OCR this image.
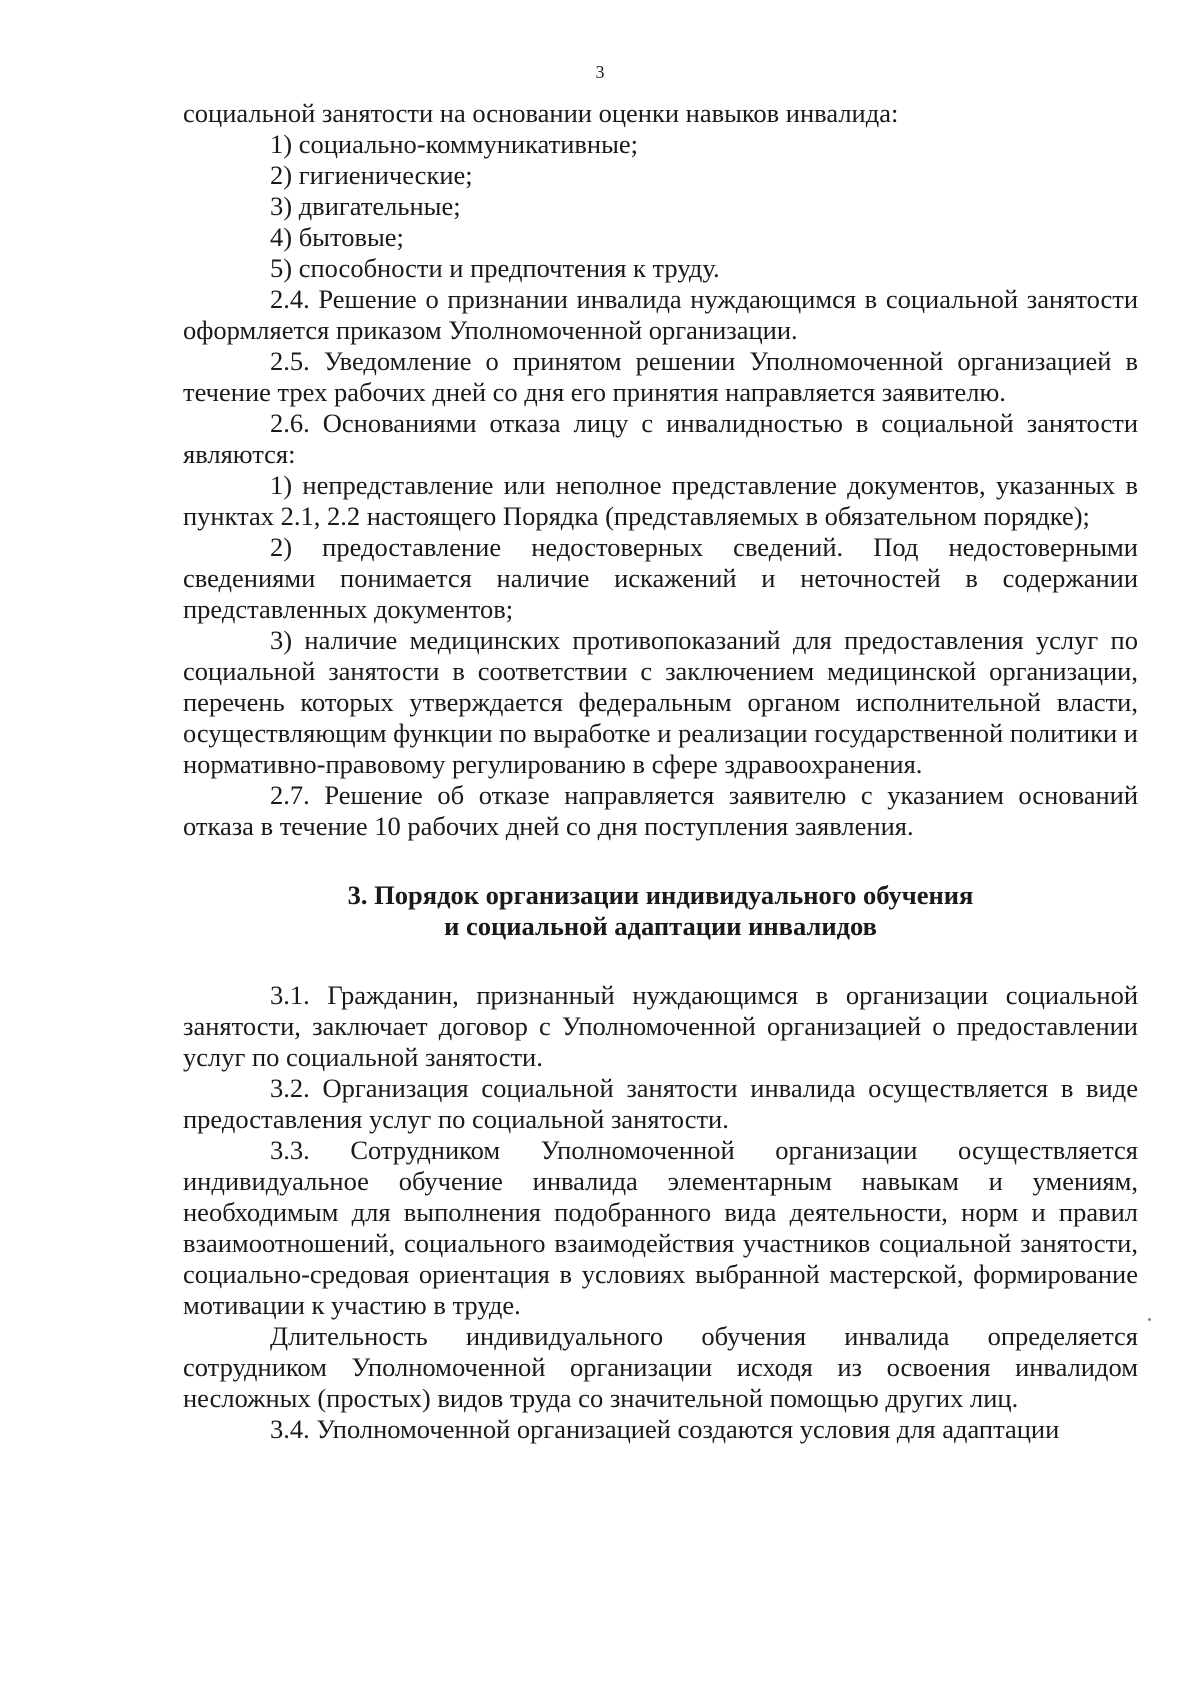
3

социальной занятости на основании оценки навыков инвалида:

1) социально-коммуникативные;

2) гигиенические;

3) двигательные;

4) бытовые;

5) способности и предпочтения к труду.

2.4. Решение о признании инвалида нуждающимся в социальной занятости оформляется приказом Уполномоченной организации.

2.5. Уведомление о принятом решении Уполномоченной организацией в течение трех рабочих дней со дня его принятия направляется заявителю.

2.6. Основаниями отказа лицу с инвалидностью в социальной занятости являются:

1) непредставление или неполное представление документов, указанных в пунктах 2.1, 2.2 настоящего Порядка (представляемых в обязательном порядке);

2) предоставление недостоверных сведений. Под недостоверными сведениями понимается наличие искажений и неточностей в содержании представленных документов;

3) наличие медицинских противопоказаний для предоставления услуг по социальной занятости в соответствии с заключением медицинской организации, перечень которых утверждается федеральным органом исполнительной власти, осуществляющим функции по выработке и реализации государственной политики и нормативно-правовому регулированию в сфере здравоохранения.

2.7. Решение об отказе направляется заявителю с указанием оснований отказа в течение 10 рабочих дней со дня поступления заявления.

3. Порядок организации индивидуального обучения
и социальной адаптации инвалидов

3.1. Гражданин, признанный нуждающимся в организации социальной занятости, заключает договор с Уполномоченной организацией о предоставлении услуг по социальной занятости.

3.2. Организация социальной занятости инвалида осуществляется в виде предоставления услуг по социальной занятости.

3.3. Сотрудником Уполномоченной организации осуществляется индивидуальное обучение инвалида элементарным навыкам и умениям, необходимым для выполнения подобранного вида деятельности, норм и правил взаимоотношений, социального взаимодействия участников социальной занятости, социально-средовая ориентация в условиях выбранной мастерской, формирование мотивации к участию в труде.

Длительность индивидуального обучения инвалида определяется сотрудником Уполномоченной организации исходя из освоения инвалидом несложных (простых) видов труда со значительной помощью других лиц.

3.4. Уполномоченной организацией создаются условия для адаптации
